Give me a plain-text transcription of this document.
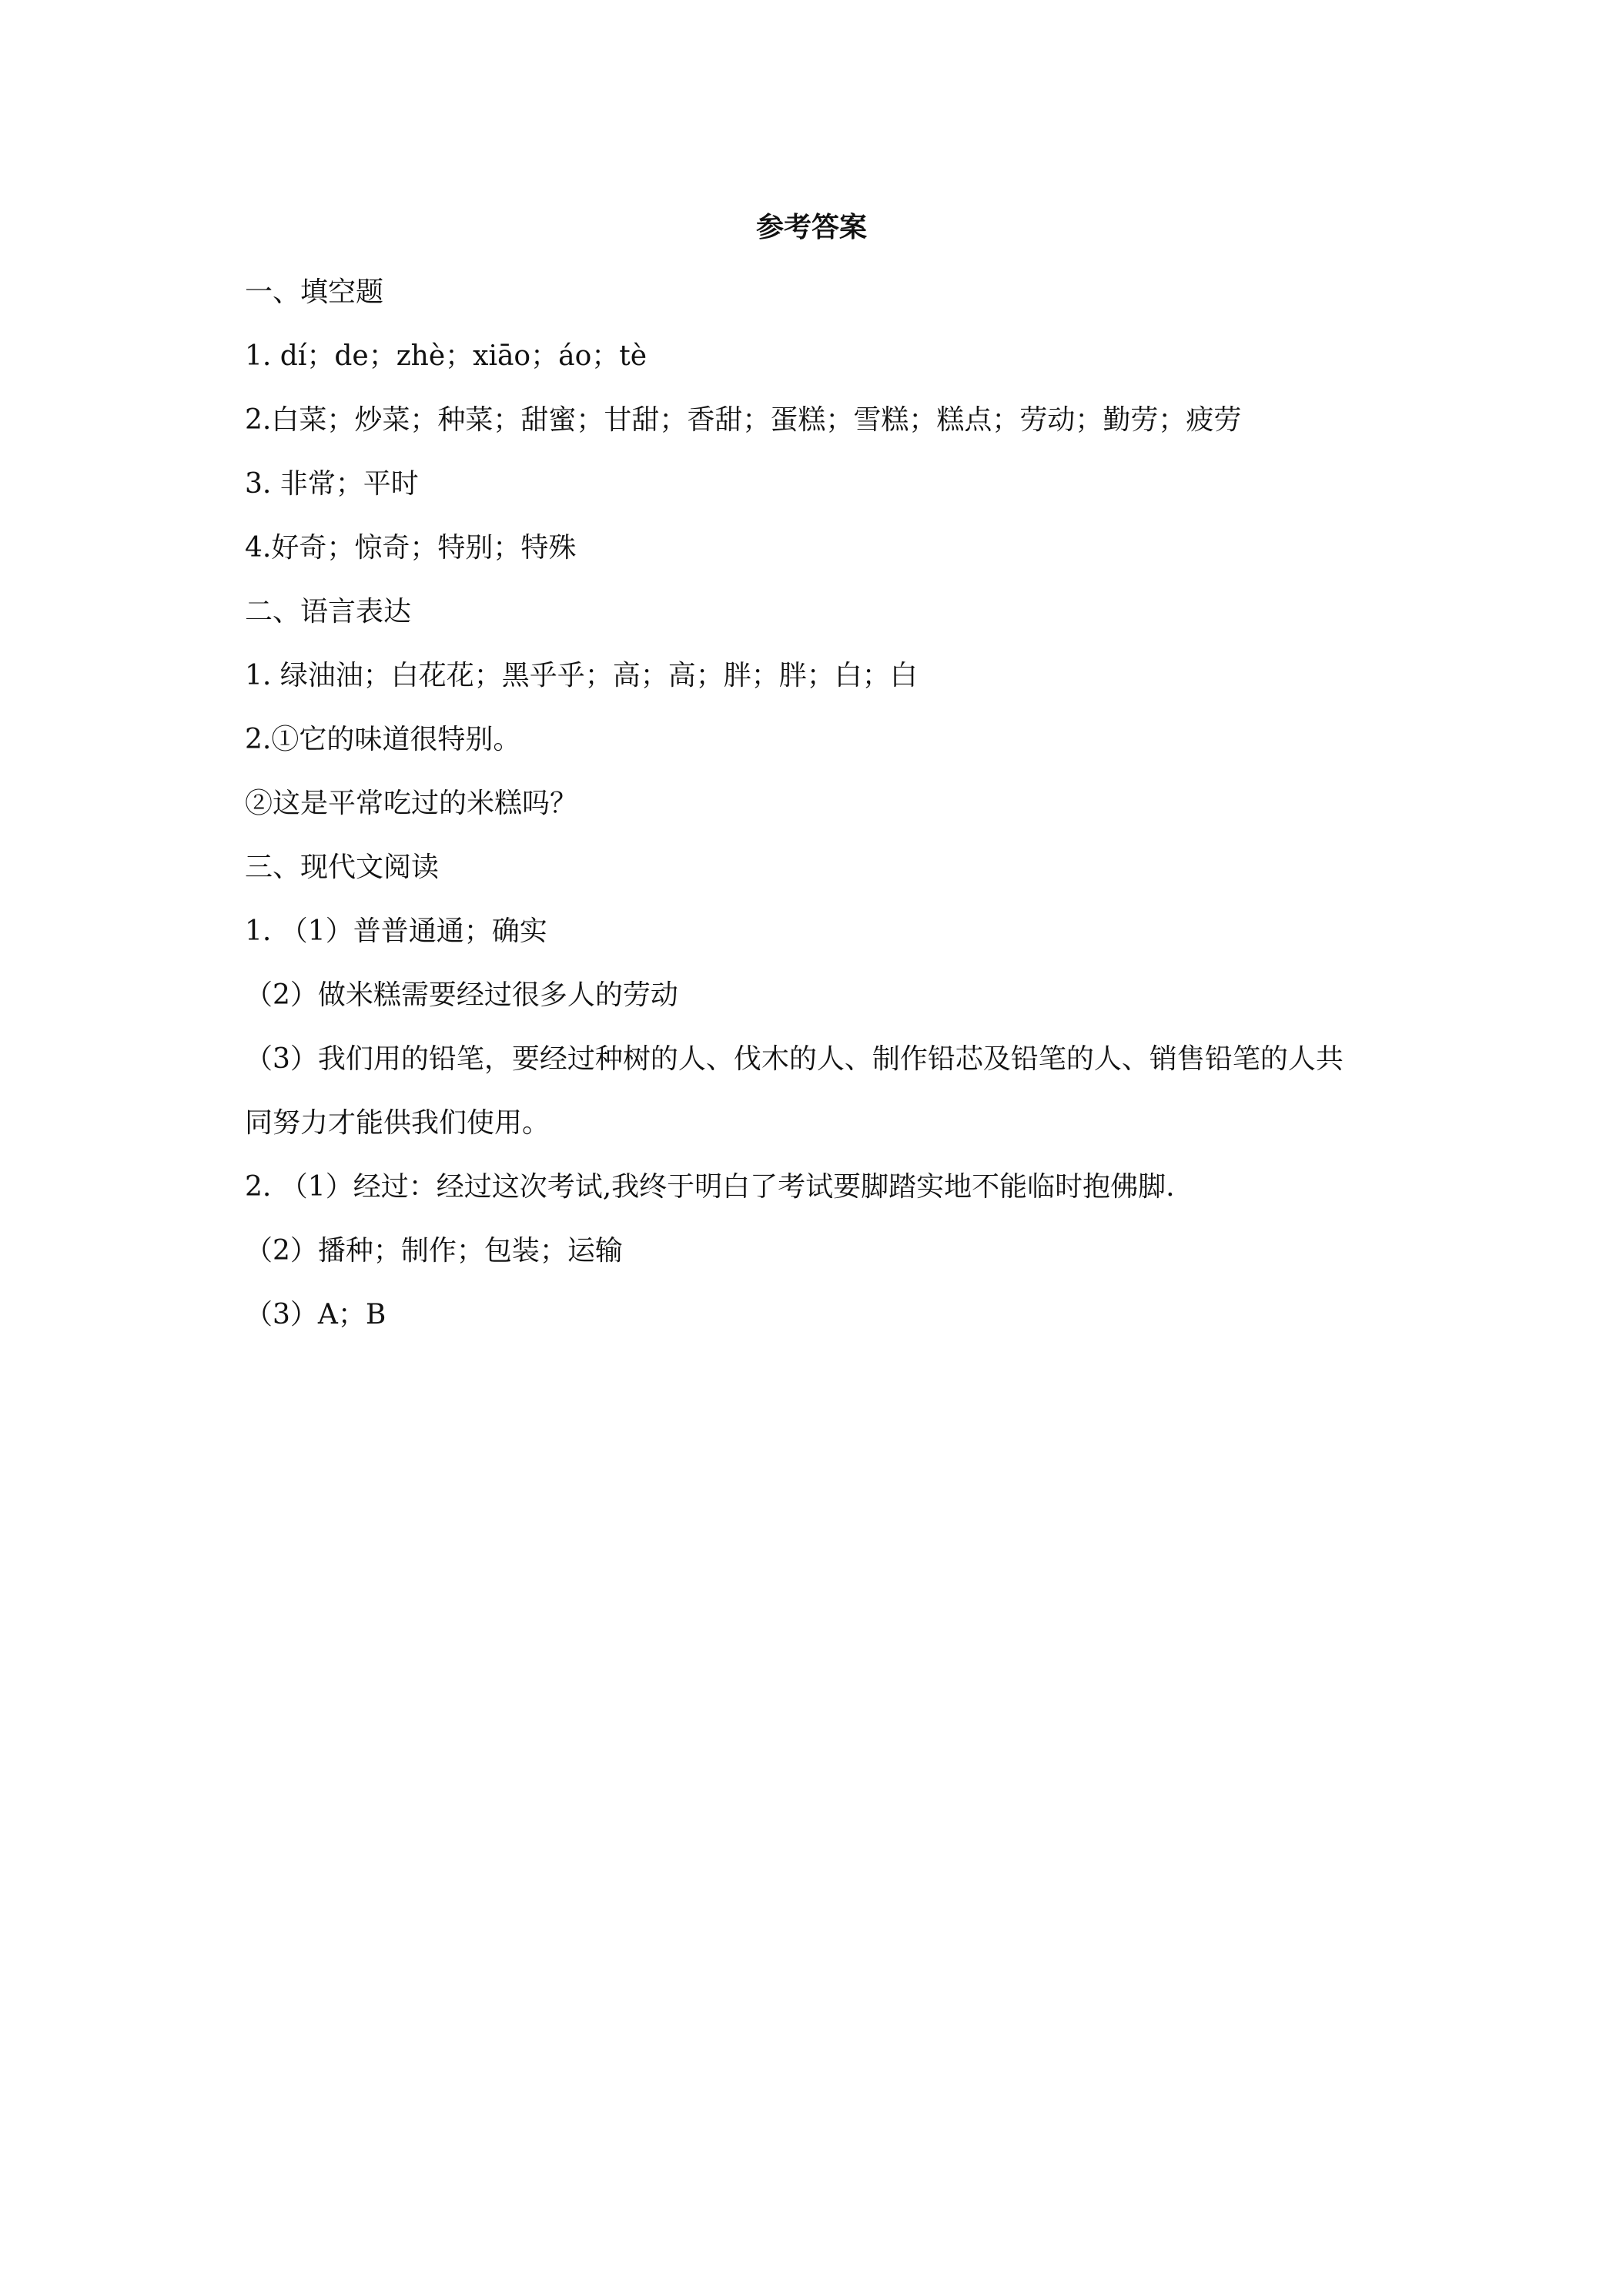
参考答案
一、填空题
1. dí；de；zhè；xiāo；áo；tè
2.白菜；炒菜；种菜；甜蜜；甘甜；香甜；蛋糕；雪糕；糕点；劳动；勤劳；疲劳
3. 非常；平时
4.好奇；惊奇；特别；特殊
二、语言表达
1. 绿油油；白花花；黑乎乎；高；高；胖；胖；白；白
2.①它的味道很特别。
②这是平常吃过的米糕吗？
三、现代文阅读
1. （1）普普通通；确实
（2）做米糕需要经过很多人的劳动
（3）我们用的铅笔，要经过种树的人、伐木的人、制作铅芯及铅笔的人、销售铅笔的人共
同努力才能供我们使用。
2. （1）经过：经过这次考试,我终于明白了考试要脚踏实地不能临时抱佛脚.
（2）播种；制作；包装；运输
（3）A；B
